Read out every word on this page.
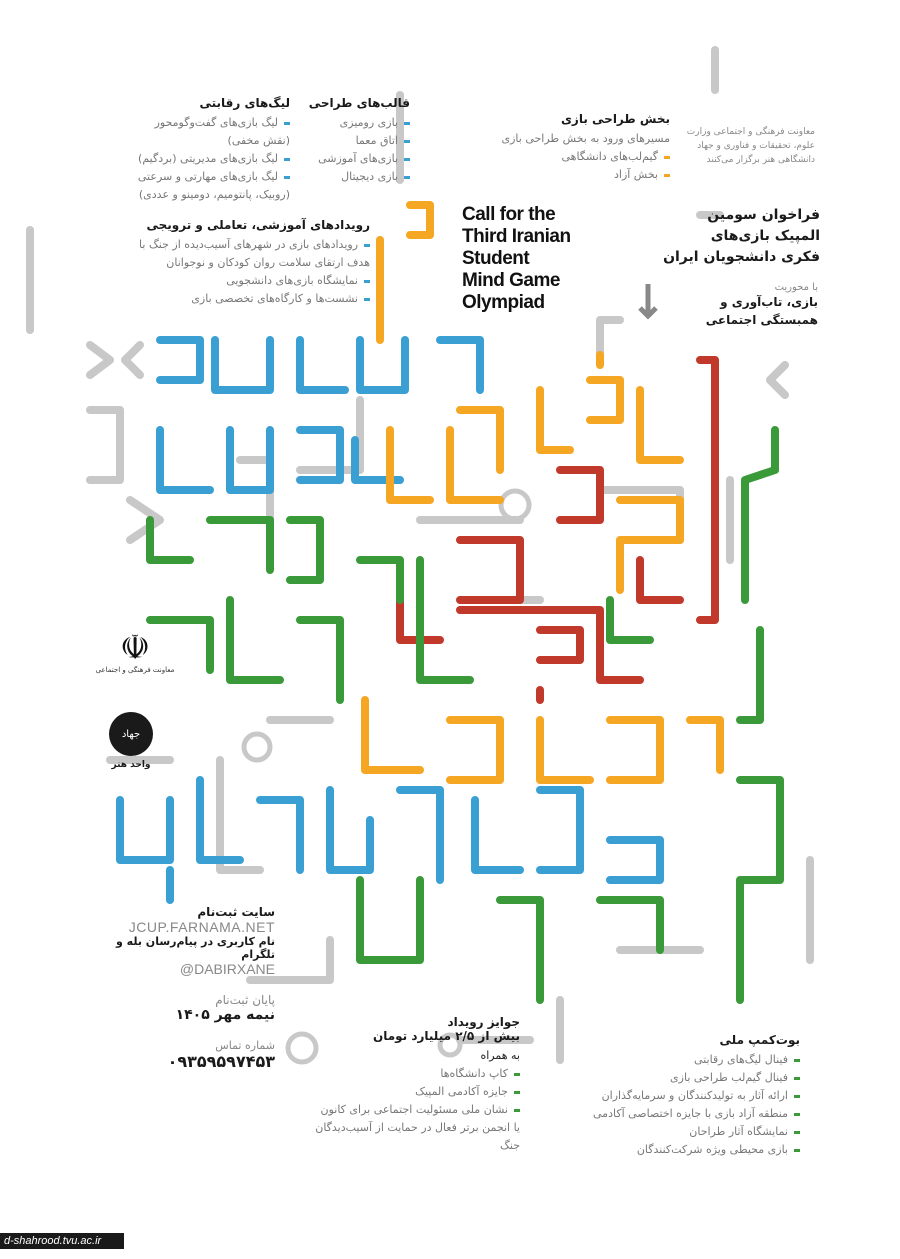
لیگ‌های رقابتی
لیگ بازی‌های گفت‌وگومحور
(نقش مخفی)
لیگ بازی‌های مدیریتی (بردگیم)
لیگ بازی‌های مهارتی و سرعتی
(روبیک، پانتومیم، دومینو و عددی)
قالب‌های طراحی
بازی رومیزی
اتاق معما
بازی‌های آموزشی
بازی دیجیتال
بخش طراحی بازی
مسیرهای ورود به بخش طراحی بازی
گیم‌لب‌های دانشگاهی
بخش آزاد
معاونت فرهنگی و اجتماعی وزارت علوم، تحقیقات و فناوری و جهاد دانشگاهی هنر برگزار می‌کنند
رویدادهای آموزشی، تعاملی و ترویجی
رویدادهای بازی در شهرهای آسیب‌دیده از جنگ با
هدف ارتقای سلامت روان کودکان و نوجوانان
نمایشگاه بازی‌های دانشجویی
نشست‌ها و کارگاه‌های تخصصی بازی
Call for the
Third Iranian
Student
Mind Game
Olympiad
فراخوان سومین
المپیک بازی‌های
فکری دانشجویان ایران
با محوریت
بازی، تاب‌آوری و
همبستگی اجتماعی
☫
معاونت فرهنگی و اجتماعی
جهاد
واحد هنر
سایت ثبت‌نام
JCUP.FARNAMA.NET
نام کاربری در پیام‌رسان بله و
تلگرام
@DABIRXANE
پایان ثبت‌نام
نیمه مهر ۱۴۰۵
شماره تماس
۰۹۳۵۹۵۹۷۴۵۳
جوایز رویداد
بیش از ۲/۵ میلیارد تومان
به همراه
کاپ دانشگاه‌ها
جایزه آکادمی المپیک
نشان ملی مسئولیت اجتماعی برای کانون
یا انجمن برتر فعال در حمایت از آسیب‌دیدگان
جنگ
بوت‌کمپ ملی
فینال لیگ‌های رقابتی
فینال گیم‌لب طراحی بازی
ارائه آثار به تولیدکنندگان و سرمایه‌گذاران
منطقه آزاد بازی با جایزه اختصاصی آکادمی
نمایشگاه آثار طراحان
بازی محیطی ویژه شرکت‌کنندگان
d-shahrood.tvu.ac.ir
